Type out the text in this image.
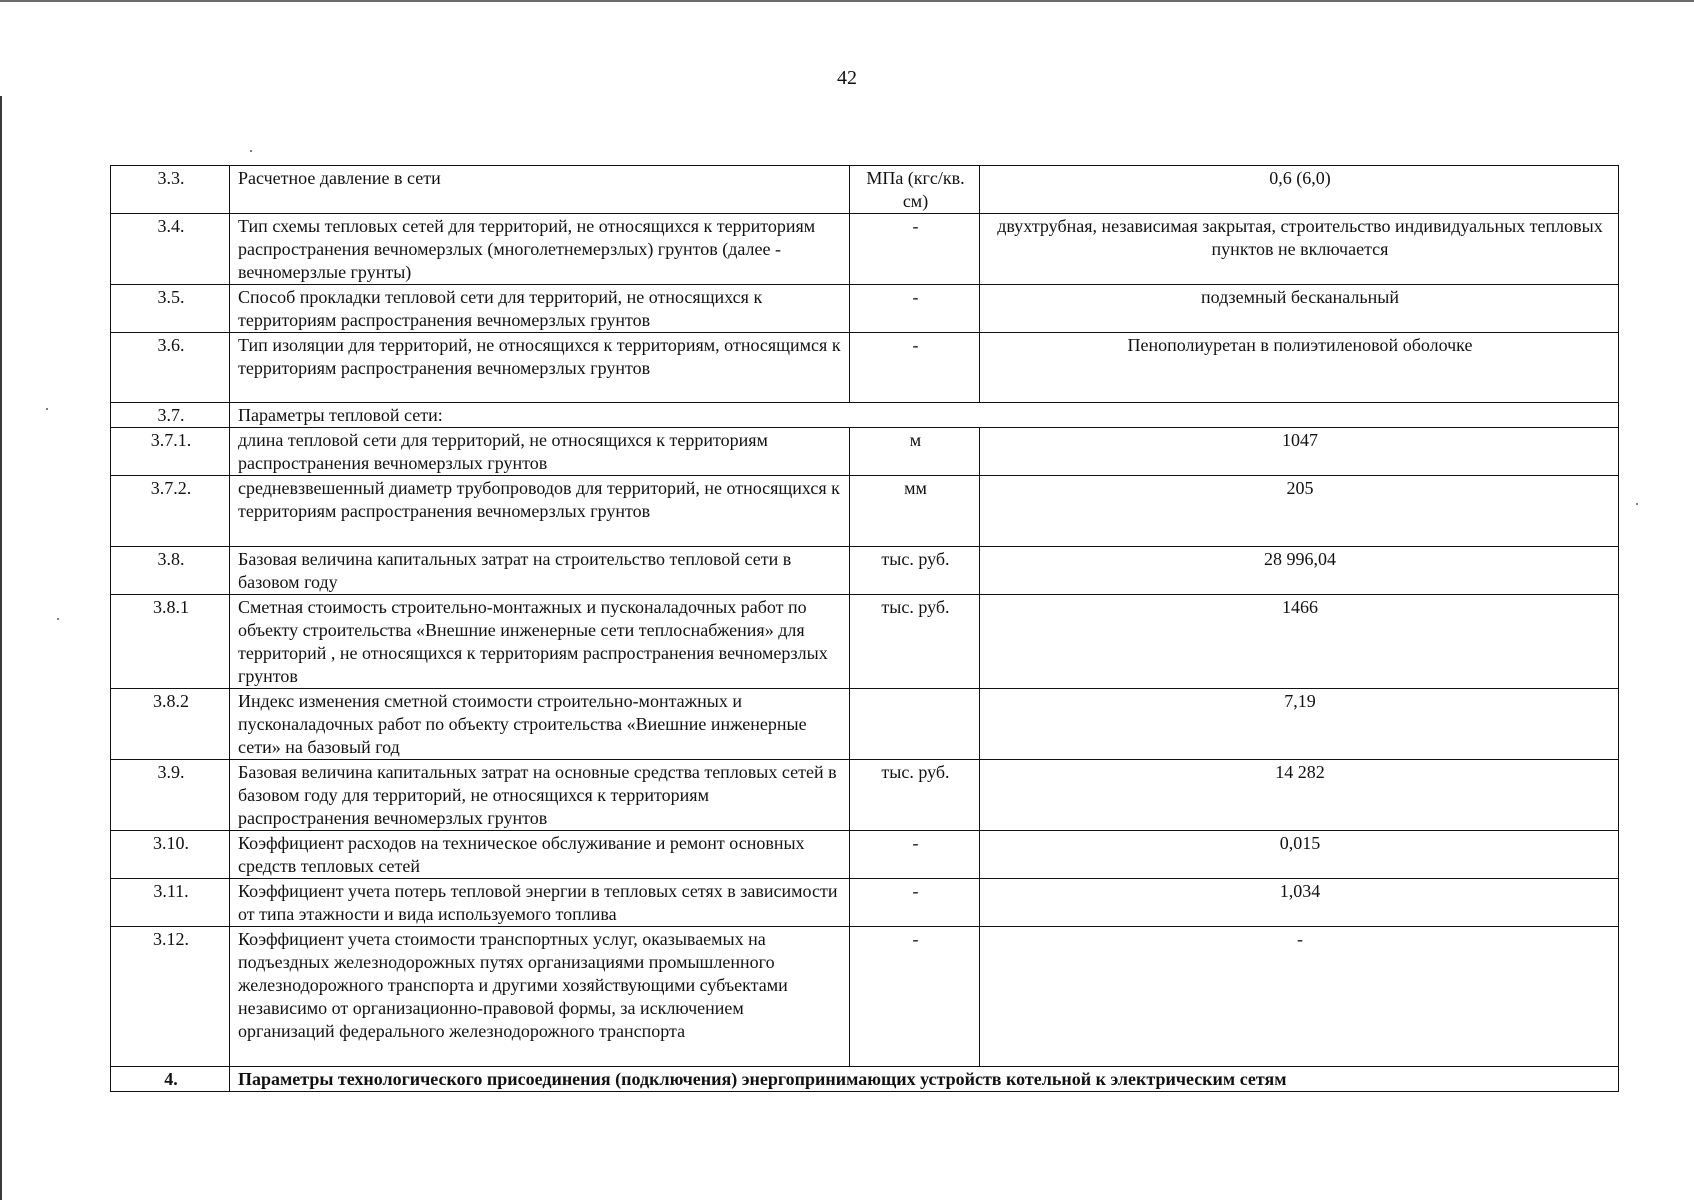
42
3.3.	Расчетное давление в сети	МПа (кгс/кв. см)	0,6 (6,0)
3.4.	Тип схемы тепловых сетей для территорий, не относящихся к территориям распространения вечномерзлых (многолетнемерзлых) грунтов (далее - вечномерзлые грунты)	-	двухтрубная, независимая закрытая, строительство индивидуальных тепловых пунктов не включается
3.5.	Способ прокладки тепловой сети для территорий, не относящихся к территориям распространения вечномерзлых грунтов	-	подземный бесканальный
3.6.	Тип изоляции для территорий, не относящихся к территориям, относящимся к территориям распространения вечномерзлых грунтов	-	Пенополиуретан в полиэтиленовой оболочке
3.7.	Параметры тепловой сети:		
3.7.1.	длина тепловой сети для территорий, не относящихся к территориям распространения вечномерзлых грунтов	м	1047
3.7.2.	средневзвешенный диаметр трубопроводов для территорий, не относящихся к территориям распространения вечномерзлых грунтов	мм	205
3.8.	Базовая величина капитальных затрат на строительство тепловой сети в базовом году	тыс. руб.	28 996,04
3.8.1	Сметная стоимость строительно-монтажных и пусконаладочных работ по объекту строительства «Внешние инженерные сети теплоснабжения» для территорий , не относящихся к территориям распространения вечномерзлых грунтов	тыс. руб.	1466
3.8.2	Индекс изменения сметной стоимости строительно-монтажных и пусконаладочных работ по объекту строительства «Виешние инженерные сети» на базовый год		7,19
3.9.	Базовая величина капитальных затрат на основные средства тепловых сетей в базовом году для территорий, не относящихся к территориям распространения вечномерзлых грунтов	тыс. руб.	14 282
3.10.	Коэффициент расходов на техническое обслуживание и ремонт основных средств тепловых сетей	-	0,015
3.11.	Коэффициент учета потерь тепловой энергии в тепловых сетях в зависимости от типа этажности и вида используемого топлива	-	1,034
3.12.	Коэффициент учета стоимости транспортных услуг, оказываемых на подъездных железнодорожных путях организациями промышленного железнодорожного транспорта и другими хозяйствующими субъектами независимо от организационно-правовой формы, за исключением организаций федерального железнодорожного транспорта	-	-
4.	Параметры технологического присоединения (подключения) энергопринимающих устройств котельной к электрическим сетям		
